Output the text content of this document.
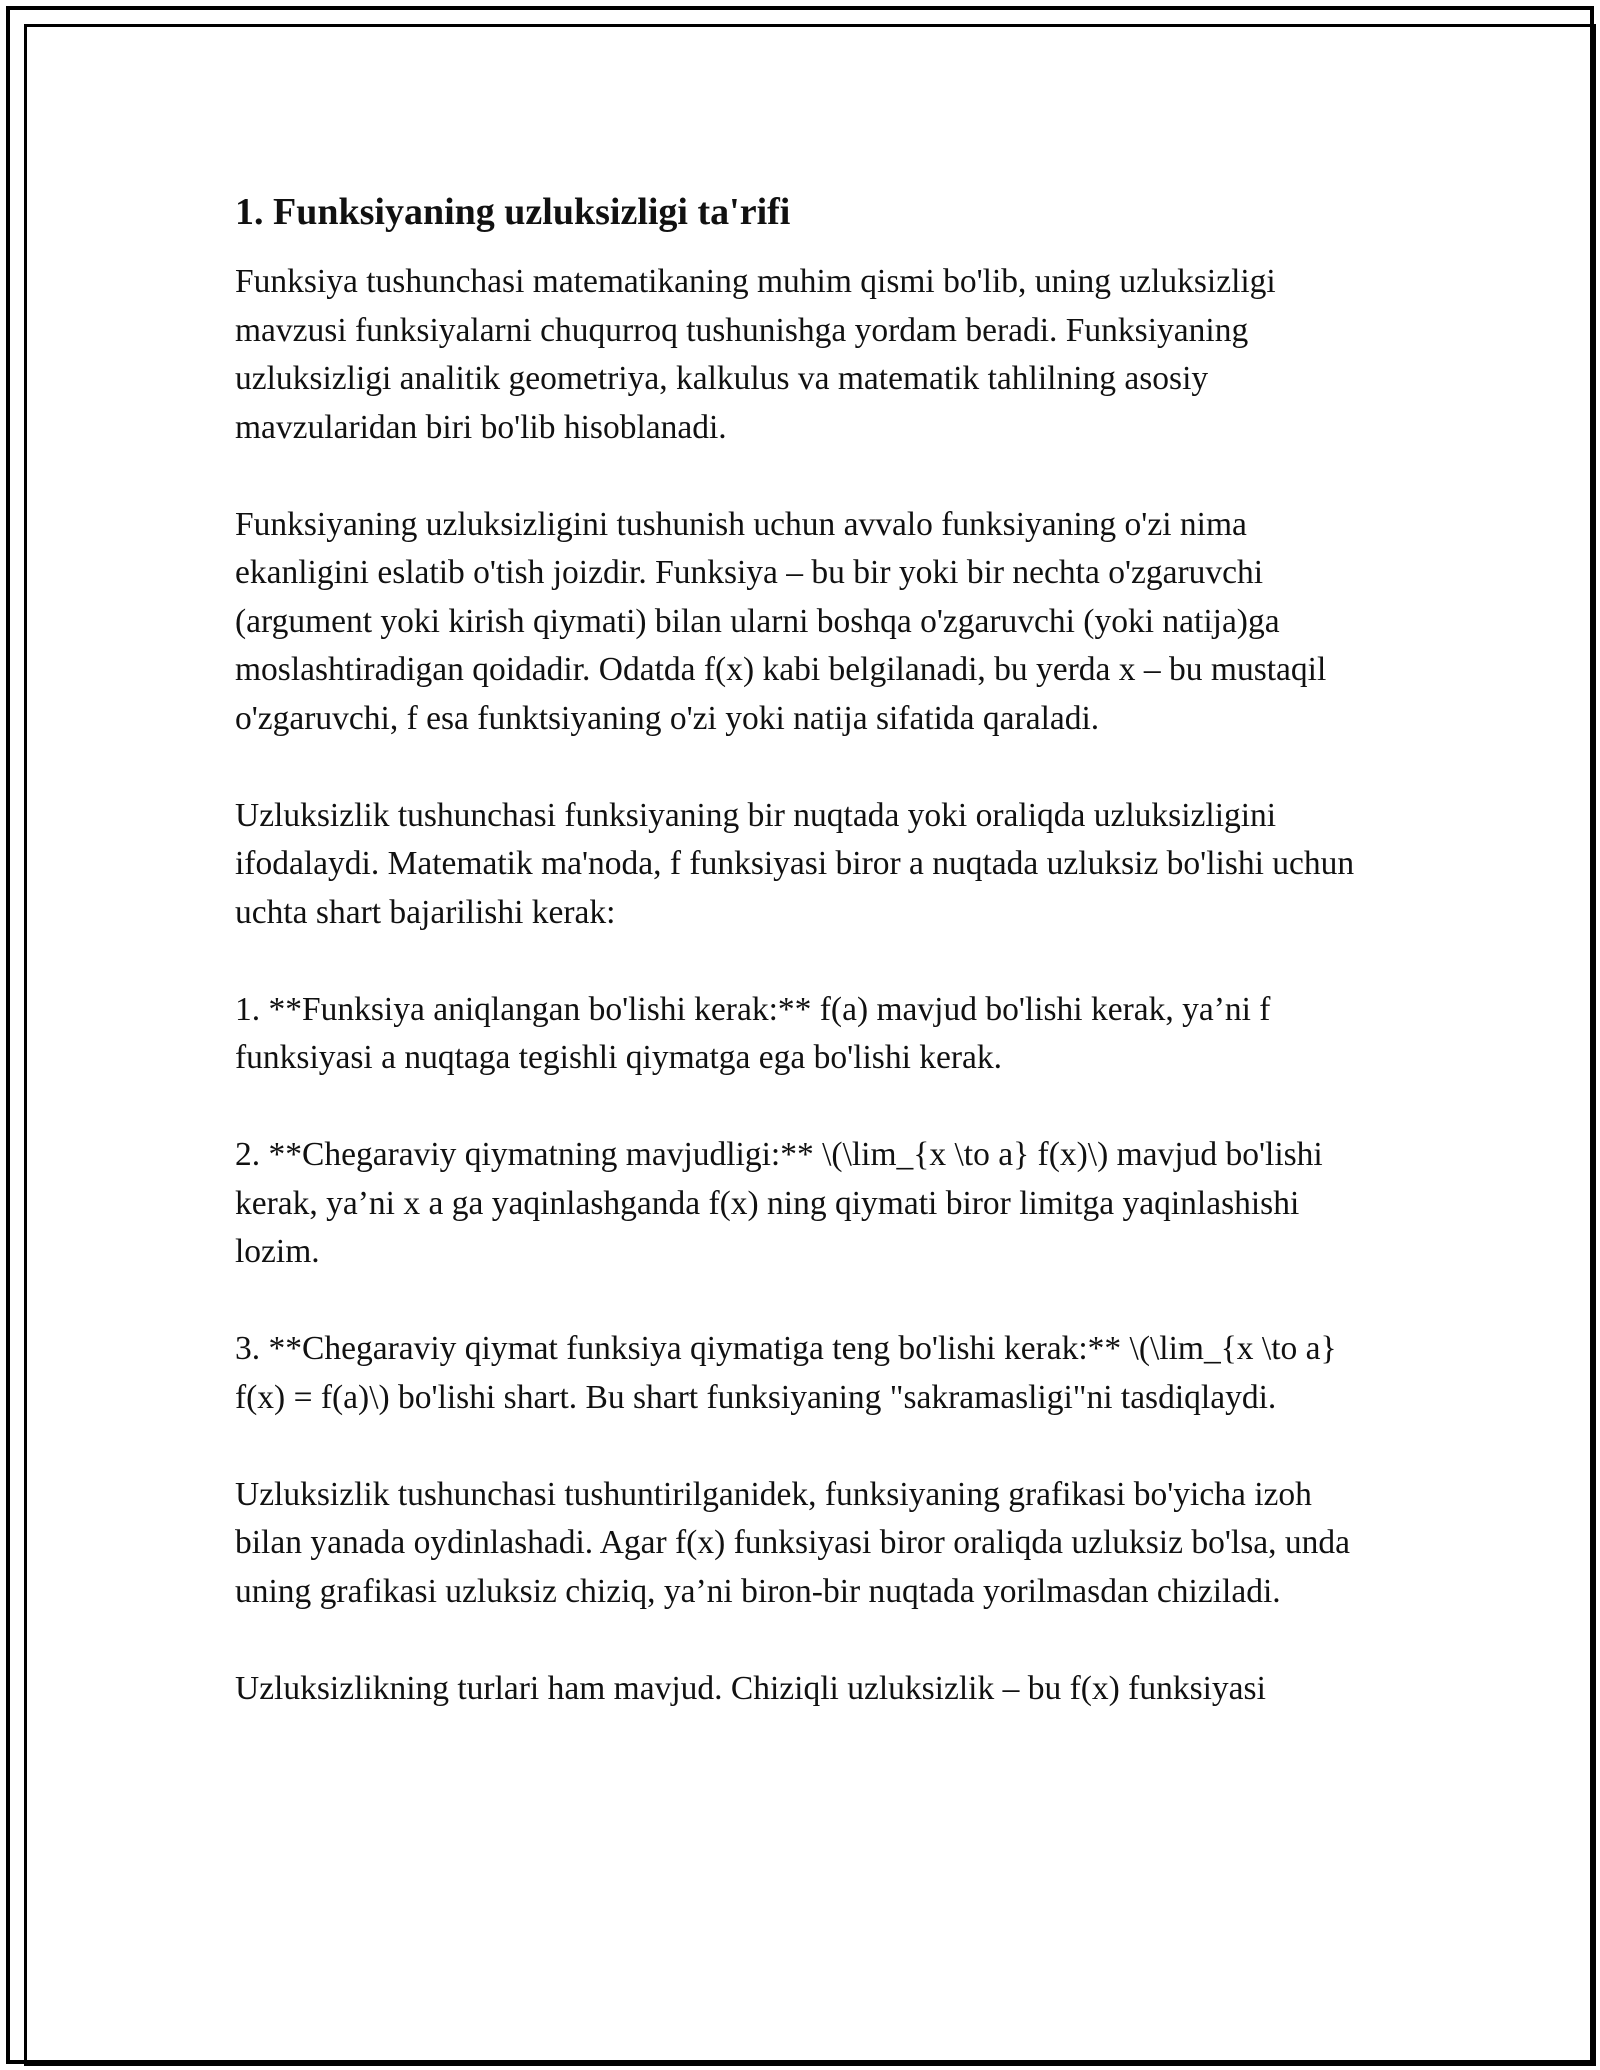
1. Funksiyaning uzluksizligi ta'rifi

Funksiya tushunchasi matematikaning muhim qismi bo'lib, uning uzluksizligi mavzusi funksiyalarni chuqurroq tushunishga yordam beradi. Funksiyaning uzluksizligi analitik geometriya, kalkulus va matematik tahlilning asosiy mavzularidan biri bo'lib hisoblanadi.

Funksiyaning uzluksizligini tushunish uchun avvalo funksiyaning o'zi nima ekanligini eslatib o'tish joizdir. Funksiya – bu bir yoki bir nechta o'zgaruvchi (argument yoki kirish qiymati) bilan ularni boshqa o'zgaruvchi (yoki natija)ga moslashtiradigan qoidadir. Odatda f(x) kabi belgilanadi, bu yerda x – bu mustaqil o'zgaruvchi, f esa funktsiyaning o'zi yoki natija sifatida qaraladi.

Uzluksizlik tushunchasi funksiyaning bir nuqtada yoki oraliqda uzluksizligini ifodalaydi. Matematik ma'noda, f funksiyasi biror a nuqtada uzluksiz bo'lishi uchun uchta shart bajarilishi kerak:

1. **Funksiya aniqlangan bo'lishi kerak:** f(a) mavjud bo'lishi kerak, ya’ni f funksiyasi a nuqtaga tegishli qiymatga ega bo'lishi kerak.

2. **Chegaraviy qiymatning mavjudligi:** \(\lim_{x \to a} f(x)\) mavjud bo'lishi kerak, ya’ni x a ga yaqinlashganda f(x) ning qiymati biror limitga yaqinlashishi lozim.

3. **Chegaraviy qiymat funksiya qiymatiga teng bo'lishi kerak:** \(\lim_{x \to a} f(x) = f(a)\) bo'lishi shart. Bu shart funksiyaning "sakramasligi"ni tasdiqlaydi.

Uzluksizlik tushunchasi tushuntirilganidek, funksiyaning grafikasi bo'yicha izoh bilan yanada oydinlashadi. Agar f(x) funksiyasi biror oraliqda uzluksiz bo'lsa, unda uning grafikasi uzluksiz chiziq, ya’ni biron-bir nuqtada yorilmasdan chiziladi.

Uzluksizlikning turlari ham mavjud. Chiziqli uzluksizlik – bu f(x) funksiyasi
